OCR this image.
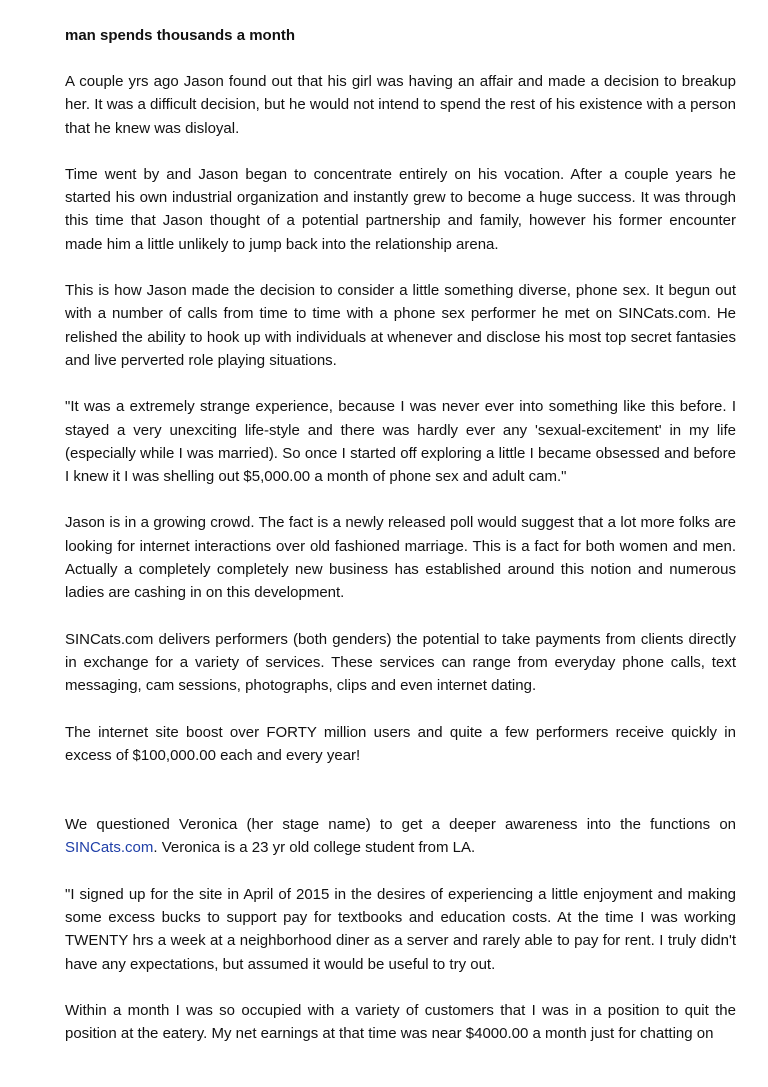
man spends thousands a month

A couple yrs ago Jason found out that his girl was having an affair and made a decision to breakup her. It was a difficult decision, but he would not intend to spend the rest of his existence with a person that he knew was disloyal.

Time went by and Jason began to concentrate entirely on his vocation. After a couple years he started his own industrial organization and instantly grew to become a huge success. It was through this time that Jason thought of a potential partnership and family, however his former encounter made him a little unlikely to jump back into the relationship arena.

This is how Jason made the decision to consider a little something diverse, phone sex. It begun out with a number of calls from time to time with a phone sex performer he met on SINCats.com. He relished the ability to hook up with individuals at whenever and disclose his most top secret fantasies and live perverted role playing situations.

"It was a extremely strange experience, because I was never ever into something like this before. I stayed a very unexciting life-style and there was hardly ever any 'sexual-excitement' in my life (especially while I was married). So once I started off exploring a little I became obsessed and before I knew it I was shelling out $5,000.00 a month of phone sex and adult cam."

Jason is in a growing crowd. The fact is a newly released poll would suggest that a lot more folks are looking for internet interactions over old fashioned marriage. This is a fact for both women and men. Actually a completely completely new business has established around this notion and numerous ladies are cashing in on this development.

SINCats.com delivers performers (both genders) the potential to take payments from clients directly in exchange for a variety of services. These services can range from everyday phone calls, text messaging, cam sessions, photographs, clips and even internet dating.

The internet site boost over FORTY million users and quite a few performers receive quickly in excess of $100,000.00 each and every year!

We questioned Veronica (her stage name) to get a deeper awareness into the functions on SINCats.com. Veronica is a 23 yr old college student from LA.

"I signed up for the site in April of 2015 in the desires of experiencing a little enjoyment and making some excess bucks to support pay for textbooks and education costs. At the time I was working TWENTY hrs a week at a neighborhood diner as a server and rarely able to pay for rent. I truly didn't have any expectations, but assumed it would be useful to try out.

Within a month I was so occupied with a variety of customers that I was in a position to quit the position at the eatery. My net earnings at that time was near $4000.00 a month just for chatting on
